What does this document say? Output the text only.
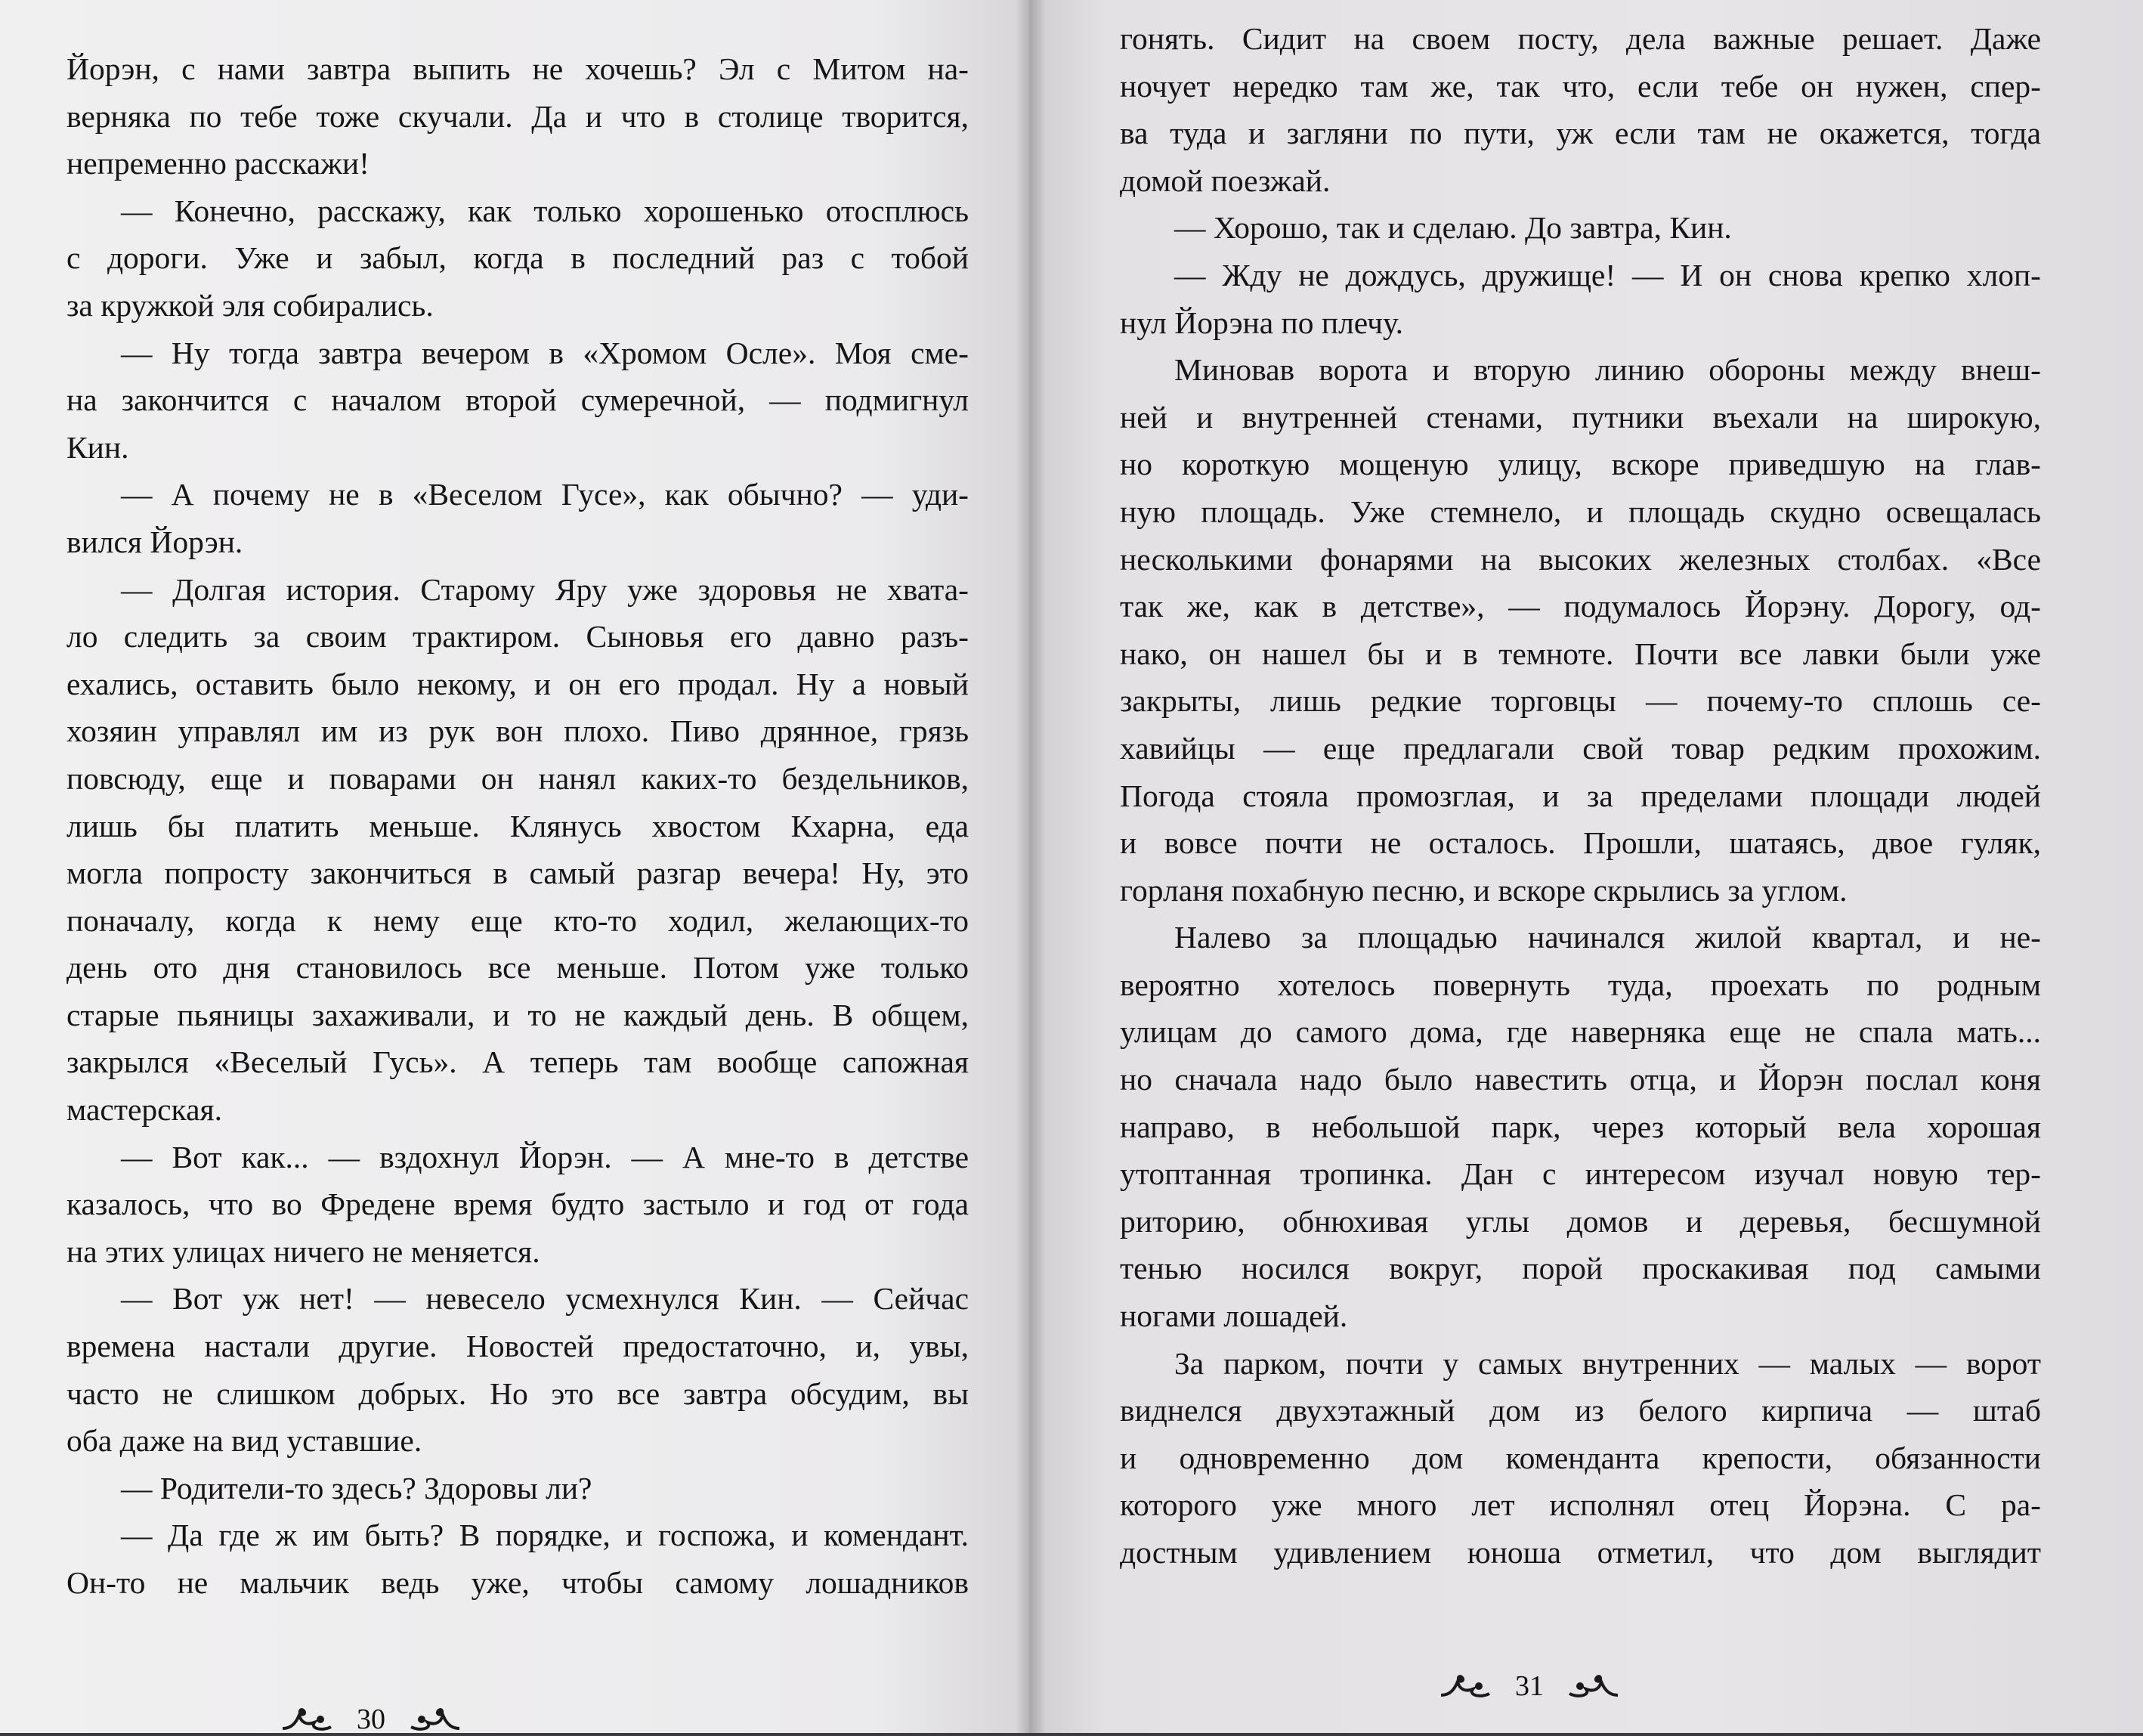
Йорэн, с нами завтра выпить не хочешь? Эл с Митом на-

верняка по тебе тоже скучали. Да и что в столице творится,

непременно расскажи!

— Конечно, расскажу, как только хорошенько отосплюсь

с дороги. Уже и забыл, когда в последний раз с тобой

за кружкой эля собирались.

— Ну тогда завтра вечером в «Хромом Осле». Моя сме-

на закончится с началом второй сумеречной, — подмигнул

Кин.

— А почему не в «Веселом Гусе», как обычно? — уди-

вился Йорэн.

— Долгая история. Старому Яру уже здоровья не хвата-

ло следить за своим трактиром. Сыновья его давно разъ-

ехались, оставить было некому, и он его продал. Ну а новый

хозяин управлял им из рук вон плохо. Пиво дрянное, грязь

повсюду, еще и поварами он нанял каких-то бездельников,

лишь бы платить меньше. Клянусь хвостом Кхарна, еда

могла попросту закончиться в самый разгар вечера! Ну, это

поначалу, когда к нему еще кто-то ходил, желающих-то

день ото дня становилось все меньше. Потом уже только

старые пьяницы захаживали, и то не каждый день. В общем,

закрылся «Веселый Гусь». А теперь там вообще сапожная

мастерская.

— Вот как... — вздохнул Йорэн. — А мне-то в детстве

казалось, что во Фредене время будто застыло и год от года

на этих улицах ничего не меняется.

— Вот уж нет! — невесело усмехнулся Кин. — Сейчас

времена настали другие. Новостей предостаточно, и, увы,

часто не слишком добрых. Но это все завтра обсудим, вы

оба даже на вид уставшие.

— Родители-то здесь? Здоровы ли?

— Да где ж им быть? В порядке, и госпожа, и комендант.

Он-то не мальчик ведь уже, чтобы самому лошадников

30

гонять. Сидит на своем посту, дела важные решает. Даже

ночует нередко там же, так что, если тебе он нужен, спер-

ва туда и загляни по пути, уж если там не окажется, тогда

домой поезжай.

— Хорошо, так и сделаю. До завтра, Кин.

— Жду не дождусь, дружище! — И он снова крепко хлоп-

нул Йорэна по плечу.

Миновав ворота и вторую линию обороны между внеш-

ней и внутренней стенами, путники въехали на широкую,

но короткую мощеную улицу, вскоре приведшую на глав-

ную площадь. Уже стемнело, и площадь скудно освещалась

несколькими фонарями на высоких железных столбах. «Все

так же, как в детстве», — подумалось Йорэну. Дорогу, од-

нако, он нашел бы и в темноте. Почти все лавки были уже

закрыты, лишь редкие торговцы — почему-то сплошь се-

хавийцы — еще предлагали свой товар редким прохожим.

Погода стояла промозглая, и за пределами площади людей

и вовсе почти не осталось. Прошли, шатаясь, двое гуляк,

горланя похабную песню, и вскоре скрылись за углом.

Налево за площадью начинался жилой квартал, и не-

вероятно хотелось повернуть туда, проехать по родным

улицам до самого дома, где наверняка еще не спала мать...

но сначала надо было навестить отца, и Йорэн послал коня

направо, в небольшой парк, через который вела хорошая

утоптанная тропинка. Дан с интересом изучал новую тер-

риторию, обнюхивая углы домов и деревья, бесшумной

тенью носился вокруг, порой проскакивая под самыми

ногами лошадей.

За парком, почти у самых внутренних — малых — ворот

виднелся двухэтажный дом из белого кирпича — штаб

и одновременно дом коменданта крепости, обязанности

которого уже много лет исполнял отец Йорэна. С ра-

достным удивлением юноша отметил, что дом выглядит

31
